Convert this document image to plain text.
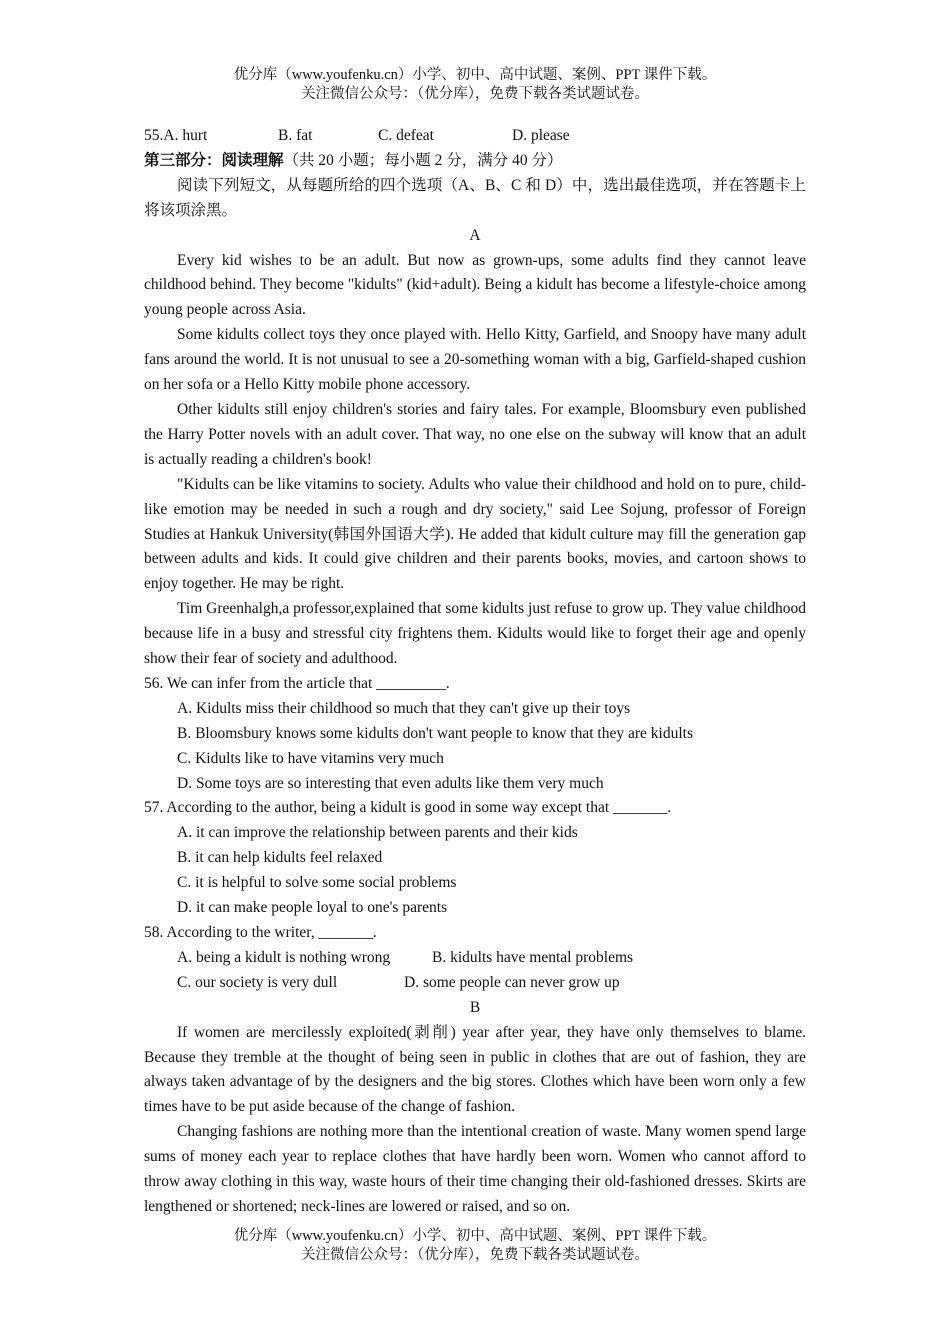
优分库（www.youfenku.cn）小学、初中、高中试题、案例、PPT 课件下载。
关注微信公众号：（优分库），免费下载各类试题试卷。

55.A. hurt	B. fat	C. defeat	D. please

第三部分：阅读理解（共 20 小题；每小题 2 分，满分 40 分）

阅读下列短文，从每题所给的四个选项（A、B、C 和 D）中，选出最佳选项，并在答题卡上将该项涂黑。

A

Every kid wishes to be an adult. But now as grown-ups, some adults find they cannot leave childhood behind. They become "kidults" (kid+adult). Being a kidult has become a lifestyle-choice among young people across Asia.

Some kidults collect toys they once played with. Hello Kitty, Garfield, and Snoopy have many adult fans around the world. It is not unusual to see a 20-something woman with a big, Garfield-shaped cushion on her sofa or a Hello Kitty mobile phone accessory.

Other kidults still enjoy children's stories and fairy tales. For example, Bloomsbury even published the Harry Potter novels with an adult cover. That way, no one else on the subway will know that an adult is actually reading a children's book!

"Kidults can be like vitamins to society. Adults who value their childhood and hold on to pure, child-like emotion may be needed in such a rough and dry society," said Lee Sojung, professor of Foreign Studies at Hankuk University(韩国外国语大学). He added that kidult culture may fill the generation gap between adults and kids. It could give children and their parents books, movies, and cartoon shows to enjoy together. He may be right.

Tim Greenhalgh,a professor,explained that some kidults just refuse to grow up. They value childhood because life in a busy and stressful city frightens them. Kidults would like to forget their age and openly show their fear of society and adulthood.

56. We can infer from the article that _________.

A. Kidults miss their childhood so much that they can't give up their toys

B. Bloomsbury knows some kidults don't want people to know that they are kidults

C. Kidults like to have vitamins very much

D. Some toys are so interesting that even adults like them very much

57. According to the author, being a kidult is good in some way except that _______.

A. it can improve the relationship between parents and their kids

B. it can help kidults feel relaxed

C. it is helpful to solve some social problems

D. it can make people loyal to one's parents

58. According to the writer, _______.

A. being a kidult is nothing wrong	B. kidults have mental problems

C. our society is very dull	D. some people can never grow up

B

If women are mercilessly exploited(剥削) year after year, they have only themselves to blame. Because they tremble at the thought of being seen in public in clothes that are out of fashion, they are always taken advantage of by the designers and the big stores. Clothes which have been worn only a few times have to be put aside because of the change of fashion.

Changing fashions are nothing more than the intentional creation of waste. Many women spend large sums of money each year to replace clothes that have hardly been worn. Women who cannot afford to throw away clothing in this way, waste hours of their time changing their old-fashioned dresses. Skirts are lengthened or shortened; neck-lines are lowered or raised, and so on.

优分库（www.youfenku.cn）小学、初中、高中试题、案例、PPT 课件下载。
关注微信公众号：（优分库），免费下载各类试题试卷。
